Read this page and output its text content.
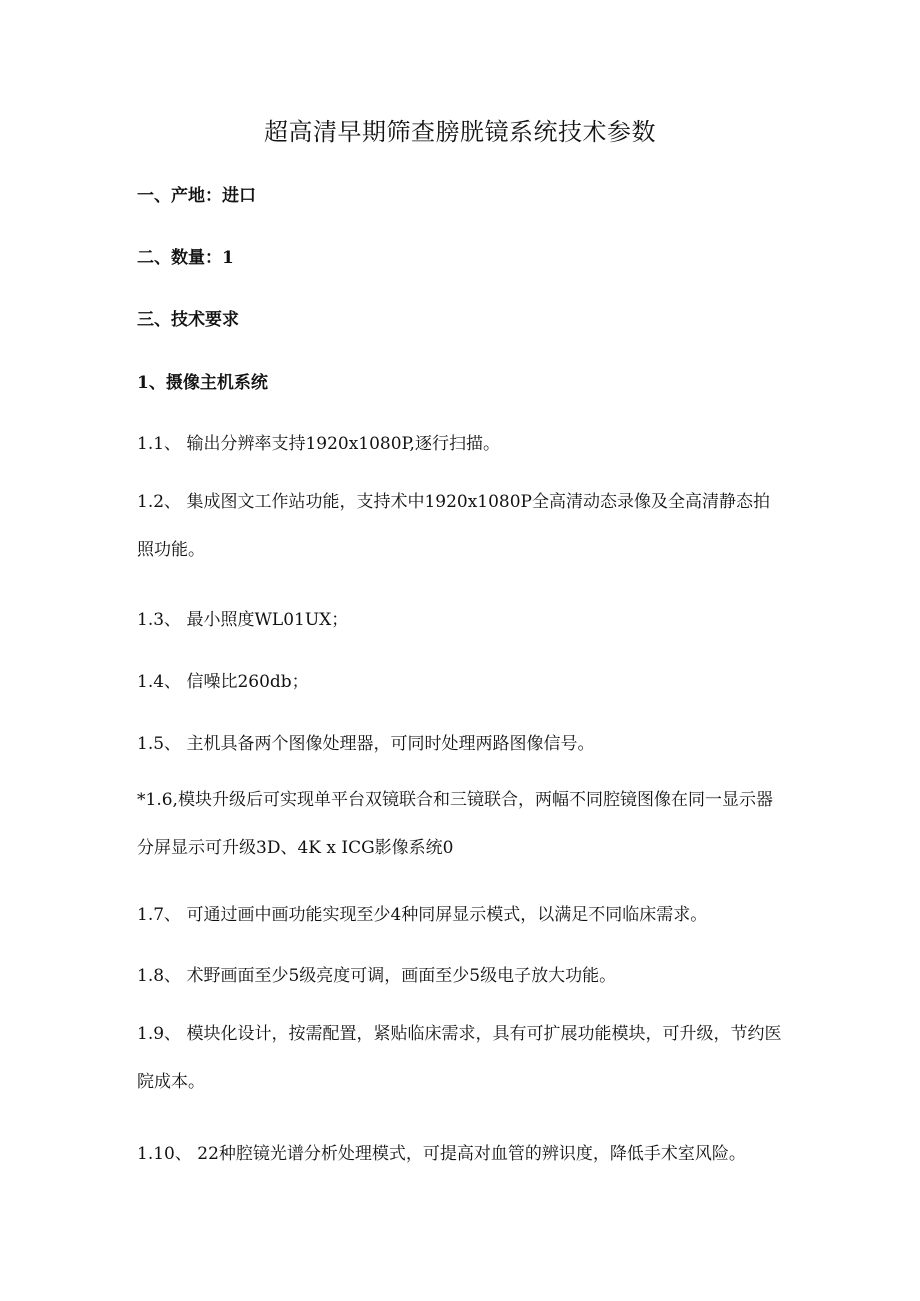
超高清早期筛查膀胱镜系统技术参数
一、产地：进口
二、数量：1
三、技术要求
1、摄像主机系统
1.1、 输出分辨率支持1920x1080P,逐行扫描。
1.2、 集成图文工作站功能，支持术中1920x1080P全高清动态录像及全高清静态拍照功能。
1.3、 最小照度WL01UX；
1.4、 信噪比260db；
1.5、 主机具备两个图像处理器，可同时处理两路图像信号。
*1.6,模块升级后可实现单平台双镜联合和三镜联合，两幅不同腔镜图像在同一显示器分屏显示可升级3D、4K x ICG影像系统0
1.7、 可通过画中画功能实现至少4种同屏显示模式，以满足不同临床需求。
1.8、 术野画面至少5级亮度可调，画面至少5级电子放大功能。
1.9、 模块化设计，按需配置，紧贴临床需求，具有可扩展功能模块，可升级，节约医院成本。
1.10、 22种腔镜光谱分析处理模式，可提高对血管的辨识度，降低手术室风险。
